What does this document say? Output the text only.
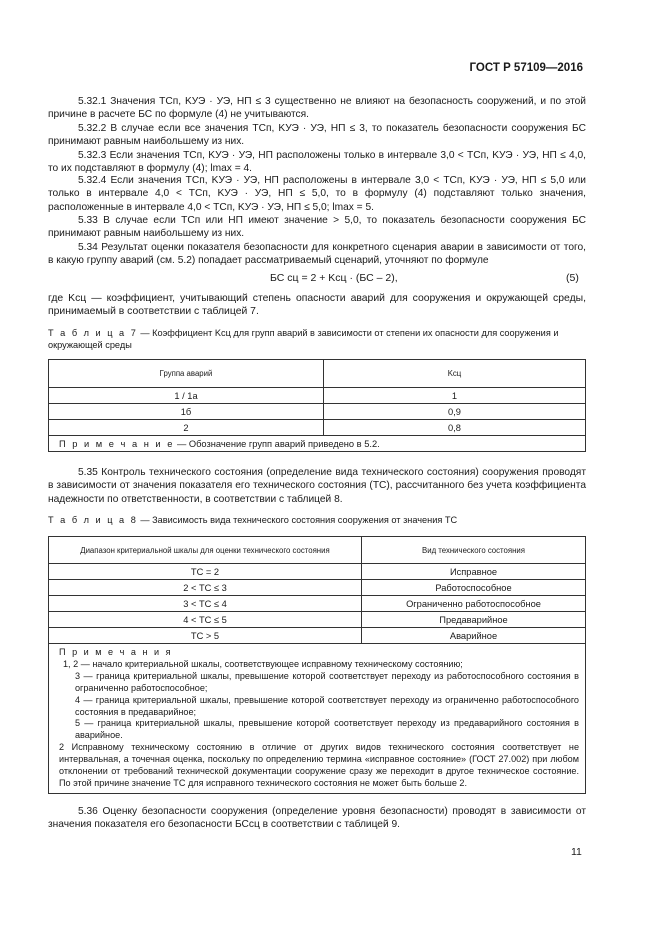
ГОСТ Р 57109—2016

5.32.1 Значения ТСп, KУЭ · УЭ, НП ≤ 3 существенно не влияют на безопасность сооружений, и по этой причине в расчете БС по формуле (4) не учитываются.

5.32.2 В случае если все значения ТСп, KУЭ · УЭ, НП ≤ 3, то показатель безопасности сооружения БС принимают равным наибольшему из них.

5.32.3 Если значения ТСп, KУЭ · УЭ, НП расположены только в интервале 3,0 < ТСп, KУЭ · УЭ, НП ≤ 4,0, то их подставляют в формулу (4); lmax = 4.

5.32.4 Если значения ТСп, KУЭ · УЭ, НП расположены в интервале 3,0 < ТСп, KУЭ · УЭ, НП ≤ 5,0 или только в интервале 4,0 < ТСп, KУЭ · УЭ, НП ≤ 5,0, то в формулу (4) подставляют только значения, расположенные в интервале 4,0 < ТСп, KУЭ · УЭ, НП ≤ 5,0; lmax = 5.

5.33 В случае если ТСп или НП имеют значение > 5,0, то показатель безопасности сооружения БС принимают равным наибольшему из них.

5.34 Результат оценки показателя безопасности для конкретного сценария аварии в зависимости от того, в какую группу аварий (см. 5.2) попадает рассматриваемый сценарий, уточняют по формуле

БС сц = 2 + Kсц · (БС – 2),	(5)

где Kсц — коэффициент, учитывающий степень опасности аварий для сооружения и окружающей среды, принимаемый в соответствии с таблицей 7.

Т а б л и ц а 7 — Коэффициент Kсц для групп аварий в зависимости от степени их опасности для сооружения и окружающей среды

Группа аварий	Kсц
1 / 1а	1
1б	0,9
2	0,8
П р и м е ч а н и е — Обозначение групп аварий приведено в 5.2.	

5.35 Контроль технического состояния (определение вида технического состояния) сооружения проводят в зависимости от значения показателя его технического состояния (ТС), рассчитанного без учета коэффициента надежности по ответственности, в соответствии с таблицей 8.

Т а б л и ц а 8 — Зависимость вида технического состояния сооружения от значения ТС

Диапазон критериальной шкалы для оценки технического состояния	Вид технического состояния
ТС = 2	Исправное
2 < ТС ≤ 3	Работоспособное
3 < ТС ≤ 4	Ограниченно работоспособное
4 < ТС ≤ 5	Предаварийное
ТС > 5	Аварийное
П р и м е ч а н и я
1, 2 — начало критериальной шкалы, соответствующее исправному техническому состоянию;
3 — граница критериальной шкалы, превышение которой соответствует переходу из работоспособного состояния в ограниченно работоспособное;
4 — граница критериальной шкалы, превышение которой соответствует переходу из ограниченно работоспособного состояния в предаварийное;
5 — граница критериальной шкалы, превышение которой соответствует переходу из предаварийного состояния в аварийное.
2 Исправному техническому состоянию в отличие от других видов технического состояния соответствует не интервальная, а точечная оценка, поскольку по определению термина «исправное состояние» (ГОСТ 27.002) при любом отклонении от требований технической документации сооружение сразу же переходит в другое техническое состояние. По этой причине значение ТС для исправного технического состояния не может быть больше 2.

5.36 Оценку безопасности сооружения (определение уровня безопасности) проводят в зависимости от значения показателя его безопасности БСсц в соответствии с таблицей 9.

11
